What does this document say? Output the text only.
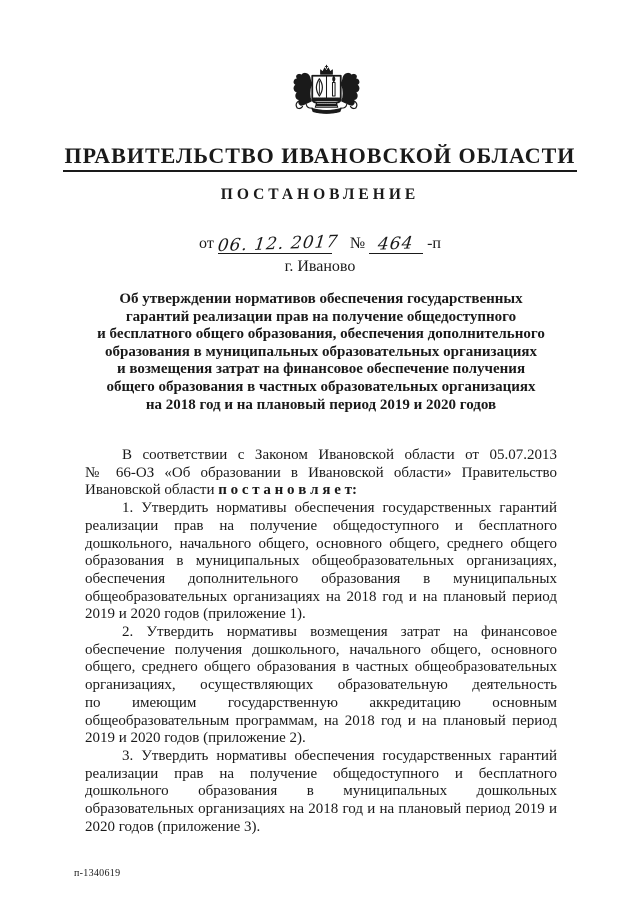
ПРАВИТЕЛЬСТВО ИВАНОВСКОЙ ОБЛАСТИ
ПОСТАНОВЛЕНИЕ
от 06. 12. 2017 № 464 -п
г. Иваново
Об утверждении нормативов обеспечения государственных
гарантий реализации прав на получение общедоступного
и бесплатного общего образования, обеспечения дополнительного
образования в муниципальных образовательных организациях
и возмещения затрат на финансовое обеспечение получения
общего образования в частных образовательных организациях
на 2018 год и на плановый период 2019 и 2020 годов
В соответствии с Законом Ивановской области от 05.07.2013
№ 66-ОЗ «Об образовании в Ивановской области» Правительство
Ивановской области п о с т а н о в л я е т:
1. Утвердить нормативы обеспечения государственных гарантий
реализации прав на получение общедоступного и бесплатного
дошкольного, начального общего, основного общего, среднего общего
образования в муниципальных общеобразовательных организациях,
обеспечения дополнительного образования в муниципальных
общеобразовательных организациях на 2018 год и на плановый период
2019 и 2020 годов (приложение 1).
2. Утвердить нормативы возмещения затрат на финансовое
обеспечение получения дошкольного, начального общего, основного
общего, среднего общего образования в частных общеобразовательных
организациях, осуществляющих образовательную деятельность
по имеющим государственную аккредитацию основным
общеобразовательным программам, на 2018 год и на плановый период
2019 и 2020 годов (приложение 2).
3. Утвердить нормативы обеспечения государственных гарантий
реализации прав на получение общедоступного и бесплатного
дошкольного образования в муниципальных дошкольных
образовательных организациях на 2018 год и на плановый период 2019 и
2020 годов (приложение 3).
п-1340619
